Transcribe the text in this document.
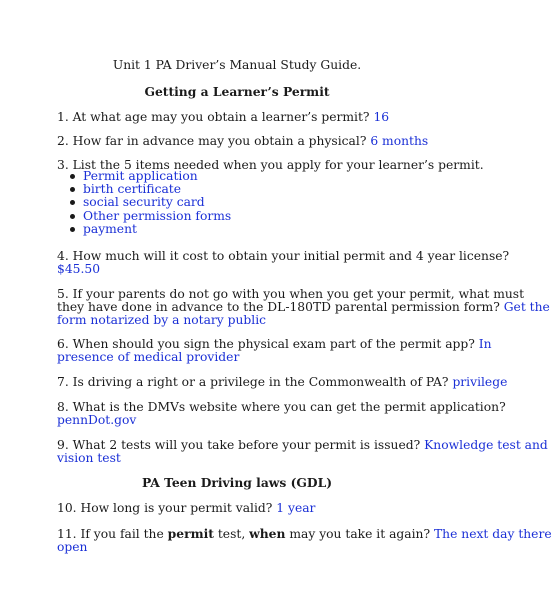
Unit 1 PA Driver’s Manual Study Guide.
Getting a Learner’s Permit
1. At what age may you obtain a learner’s permit? 16
2. How far in advance may you obtain a physical? 6 months
3. List the 5 items needed when you apply for your learner’s permit.
Permit application
birth certificate
social security card
Other permission forms
payment
4. How much will it cost to obtain your initial permit and 4 year license?
$45.50
5. If your parents do not go with you when you get your permit, what must
they have done in advance to the DL-180TD parental permission form? Get the
form notarized by a notary public
6. When should you sign the physical exam part of the permit app? In
presence of medical provider
7. Is driving a right or a privilege in the Commonwealth of PA? privilege
8. What is the DMVs website where you can get the permit application?
pennDot.gov
9. What 2 tests will you take before your permit is issued? Knowledge test and
vision test
PA Teen Driving laws (GDL)
10. How long is your permit valid? 1 year
11. If you fail the permit test, when may you take it again? The next day there
open
